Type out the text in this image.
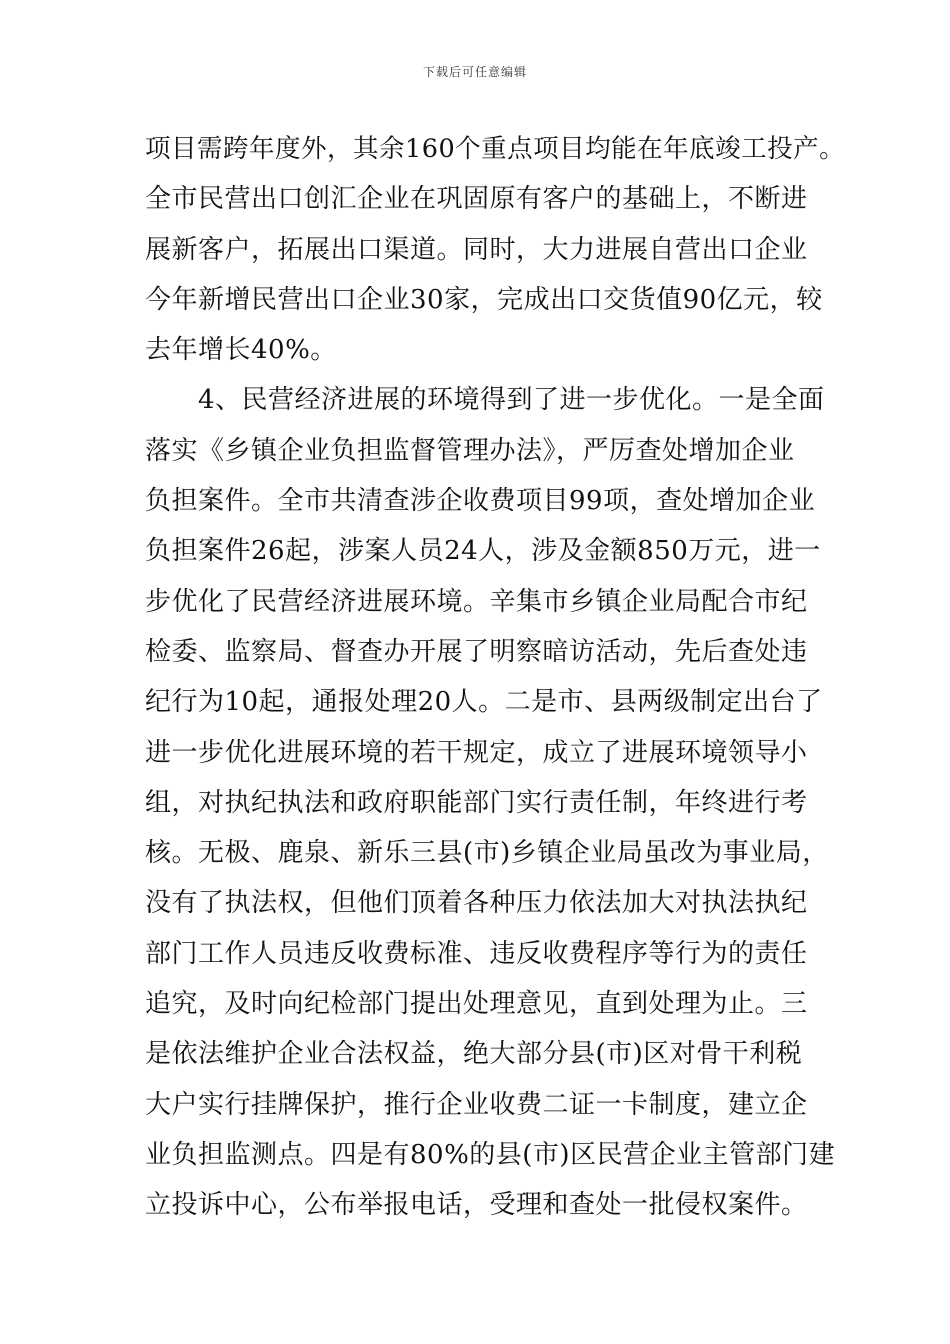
下载后可任意编辑
项目需跨年度外，其余160个重点项目均能在年底竣工投产。
全市民营出口创汇企业在巩固原有客户的基础上，不断进
展新客户，拓展出口渠道。同时，大力进展自营出口企业
今年新增民营出口企业30家，完成出口交货值90亿元，较
去年增长40%。
　　4、民营经济进展的环境得到了进一步优化。一是全面
落实《乡镇企业负担监督管理办法》，严厉查处增加企业
负担案件。全市共清查涉企收费项目99项，查处增加企业
负担案件26起，涉案人员24人，涉及金额850万元，进一
步优化了民营经济进展环境。辛集市乡镇企业局配合市纪
检委、监察局、督查办开展了明察暗访活动，先后查处违
纪行为10起，通报处理20人。二是市、县两级制定出台了
进一步优化进展环境的若干规定，成立了进展环境领导小
组，对执纪执法和政府职能部门实行责任制，年终进行考
核。无极、鹿泉、新乐三县(市)乡镇企业局虽改为事业局，
没有了执法权，但他们顶着各种压力依法加大对执法执纪
部门工作人员违反收费标准、违反收费程序等行为的责任
追究，及时向纪检部门提出处理意见，直到处理为止。三
是依法维护企业合法权益，绝大部分县(市)区对骨干利税
大户实行挂牌保护，推行企业收费二证一卡制度，建立企
业负担监测点。四是有80%的县(市)区民营企业主管部门建
立投诉中心，公布举报电话，受理和查处一批侵权案件。
